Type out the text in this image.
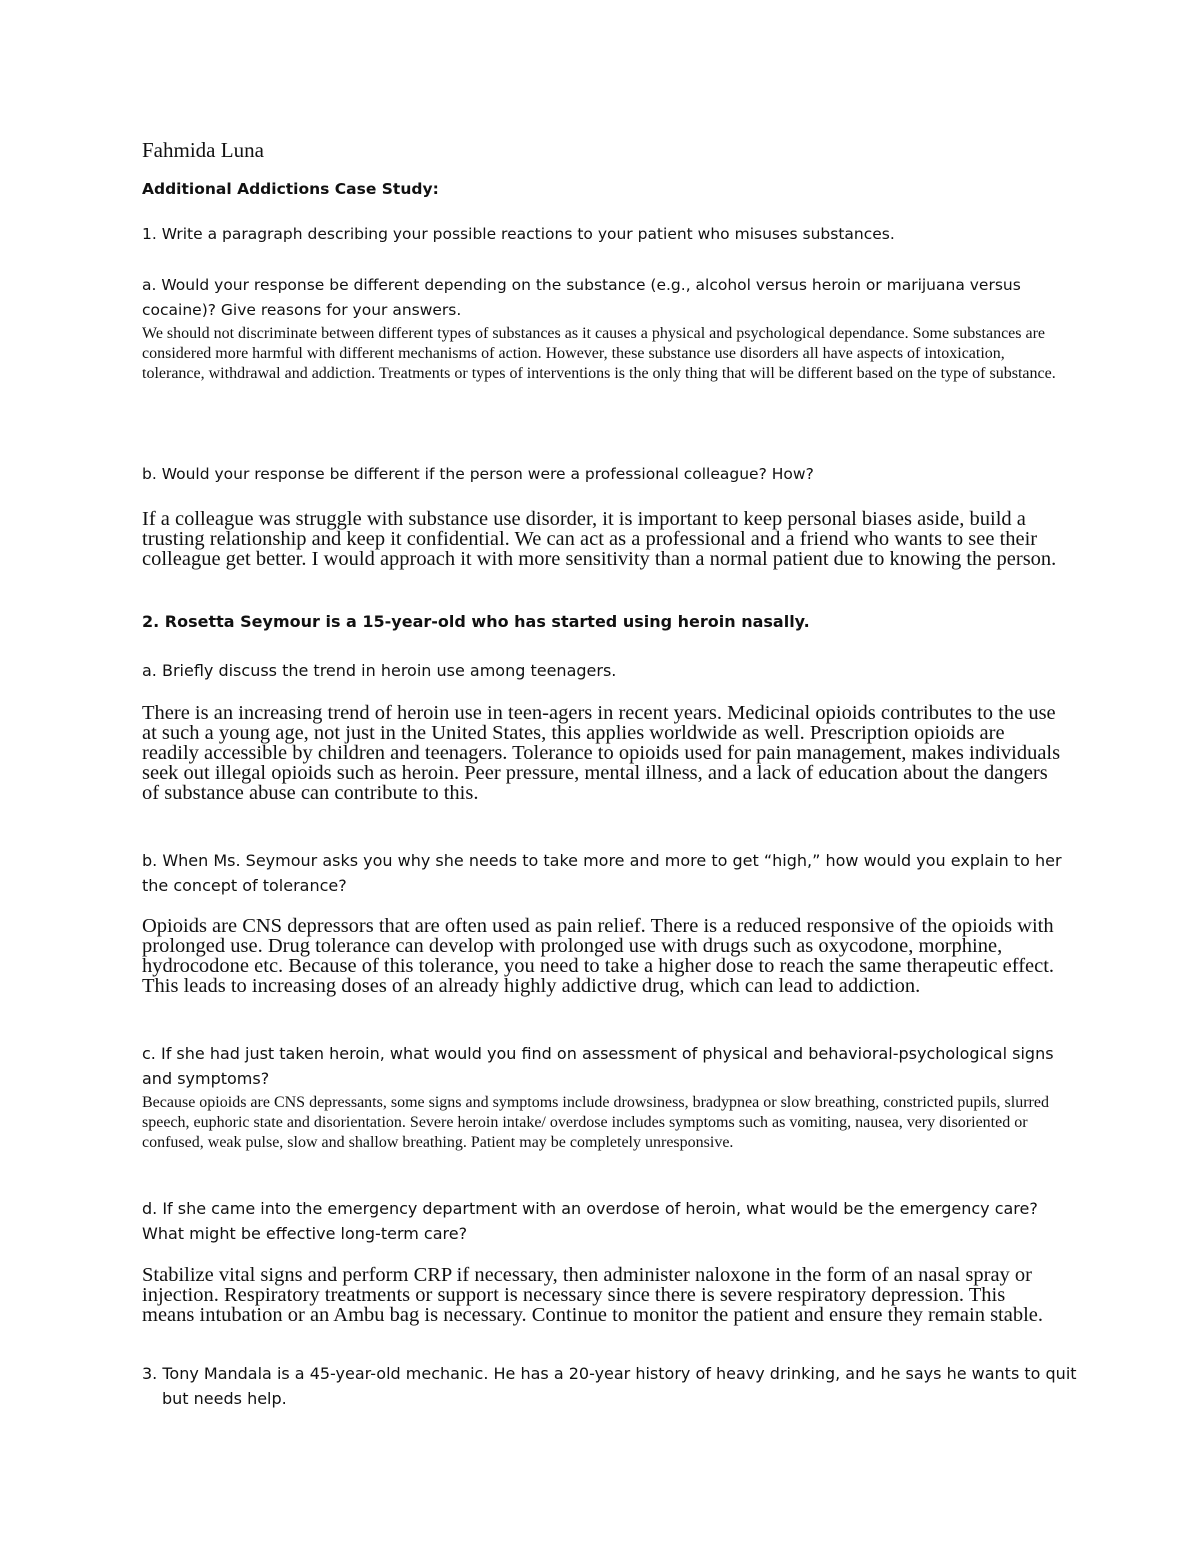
Fahmida Luna

Additional Addictions Case Study:

1. Write a paragraph describing your possible reactions to your patient who misuses substances.

a. Would your response be different depending on the substance (e.g., alcohol versus heroin or marijuana versus cocaine)? Give reasons for your answers.

We should not discriminate between different types of substances as it causes a physical and psychological dependance. Some substances are considered more harmful with different mechanisms of action. However, these substance use disorders all have aspects of intoxication, tolerance, withdrawal and addiction. Treatments or types of interventions is the only thing that will be different based on the type of substance.

b. Would your response be different if the person were a professional colleague? How?

If a colleague was struggle with substance use disorder, it is important to keep personal biases aside, build a trusting relationship and keep it confidential. We can act as a professional and a friend who wants to see their colleague get better. I would approach it with more sensitivity than a normal patient due to knowing the person.

2. Rosetta Seymour is a 15-year-old who has started using heroin nasally.

a. Briefly discuss the trend in heroin use among teenagers.

There is an increasing trend of heroin use in teen-agers in recent years. Medicinal opioids contributes to the use at such a young age, not just in the United States, this applies worldwide as well. Prescription opioids are readily accessible by children and teenagers. Tolerance to opioids used for pain management, makes individuals seek out illegal opioids such as heroin. Peer pressure, mental illness, and a lack of education about the dangers of substance abuse can contribute to this.

b. When Ms. Seymour asks you why she needs to take more and more to get “high,” how would you explain to her the concept of tolerance?

Opioids are CNS depressors that are often used as pain relief. There is a reduced responsive of the opioids with prolonged use. Drug tolerance can develop with prolonged use with drugs such as oxycodone, morphine, hydrocodone etc. Because of this tolerance, you need to take a higher dose to reach the same therapeutic effect. This leads to increasing doses of an already highly addictive drug, which can lead to addiction.

c. If she had just taken heroin, what would you find on assessment of physical and behavioral-psychological signs and symptoms?

Because opioids are CNS depressants, some signs and symptoms include drowsiness, bradypnea or slow breathing, constricted pupils, slurred speech, euphoric state and disorientation. Severe heroin intake/ overdose includes symptoms such as vomiting, nausea, very disoriented or confused, weak pulse, slow and shallow breathing. Patient may be completely unresponsive.

d. If she came into the emergency department with an overdose of heroin, what would be the emergency care? What might be effective long-term care?

Stabilize vital signs and perform CRP if necessary, then administer naloxone in the form of an nasal spray or injection. Respiratory treatments or support is necessary since there is severe respiratory depression. This means intubation or an Ambu bag is necessary. Continue to monitor the patient and ensure they remain stable.

3. Tony Mandala is a 45-year-old mechanic. He has a 20-year history of heavy drinking, and he says he wants to quit but needs help.
